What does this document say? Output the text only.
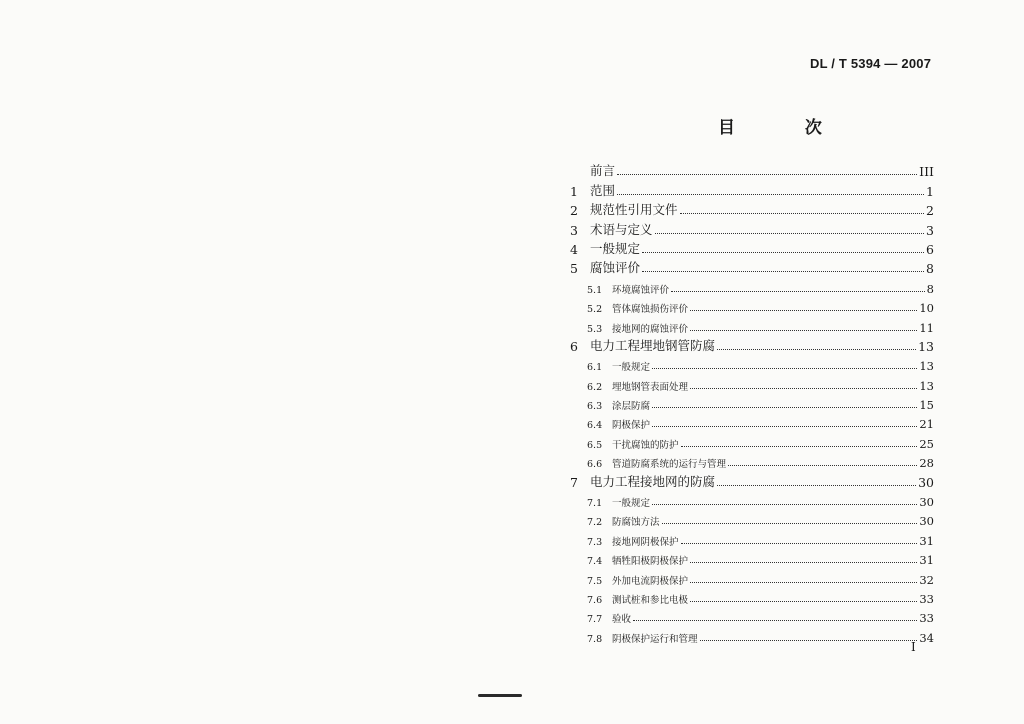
DL / T 5394 — 2007
目 次
前言	III
1 范围	1
2 规范性引用文件	2
3 术语与定义	3
4 一般规定	6
5 腐蚀评价	8
5.1	环境腐蚀评价	8
5.2	管体腐蚀损伤评价	10
5.3	接地网的腐蚀评价	11
6 电力工程埋地钢管防腐	13
6.1	一般规定	13
6.2	埋地钢管表面处理	13
6.3	涂层防腐	15
6.4	阴极保护	21
6.5	干扰腐蚀的防护	25
6.6	管道防腐系统的运行与管理	28
7 电力工程接地网的防腐	30
7.1	一般规定	30
7.2	防腐蚀方法	30
7.3	接地网阴极保护	31
7.4	牺牲阳极阴极保护	31
7.5	外加电流阴极保护	32
7.6	测试桩和参比电极	33
7.7	验收	33
7.8	阴极保护运行和管理	34
I
